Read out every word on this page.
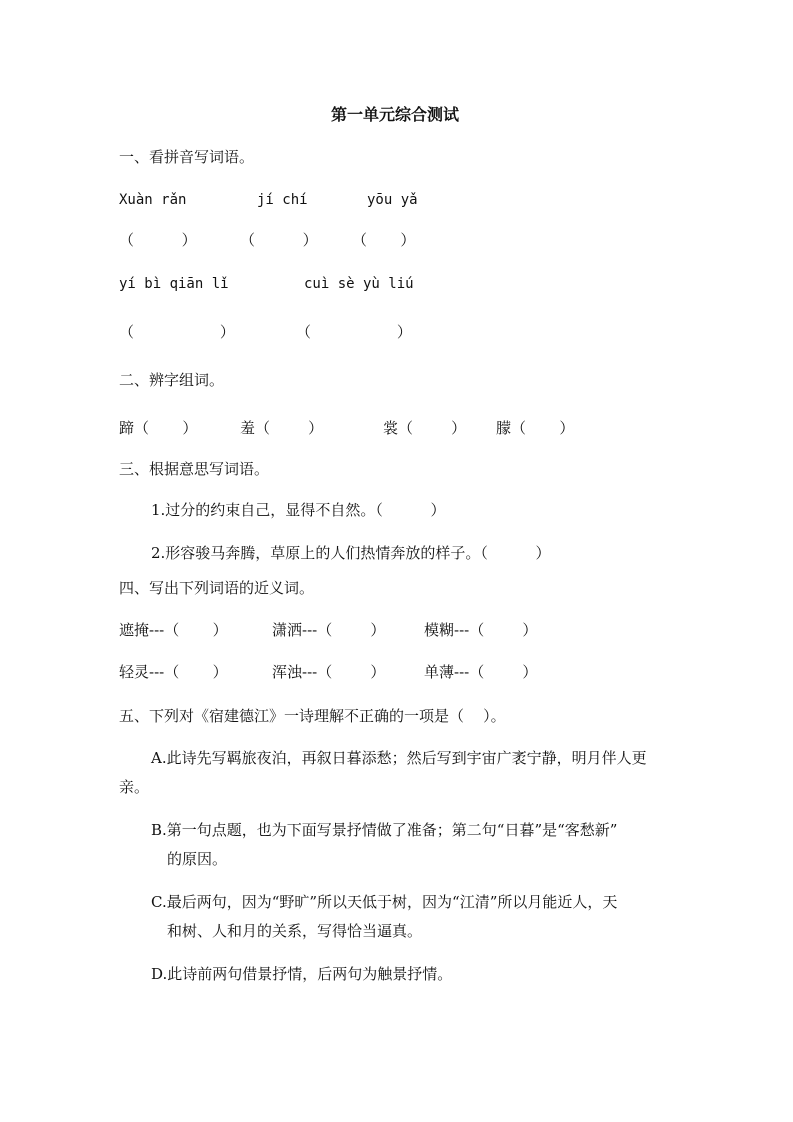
第一单元综合测试
一、看拼音写词语。
Xuàn rǎn	jí chí	yōu yǎ
（          ）	（          ） （       ）
yí bì qiān lǐ	cuì sè yù liú
（                  ）	（                  ）
二、辨字组词。
蹄（       ）	羞（        ）	裳（        ） 朦（       ）
三、根据意思写词语。
1.过分的约束自己，显得不自然。（          ）
2.形容骏马奔腾，草原上的人们热情奔放的样子。（          ）
四、写出下列词语的近义词。
遮掩---（       ）	潇洒---（        ）	模糊---（        ）
轻灵---（       ）	浑浊---（        ）	单薄---（        ）
五、下列对《宿建德江》一诗理解不正确的一项是（    ）。
A.此诗先写羁旅夜泊，再叙日暮添愁；然后写到宇宙广袤宁静，明月伴人更
亲。
B.第一句点题，也为下面写景抒情做了准备；第二句“日暮”是“客愁新”
的原因。
C.最后两句，因为“野旷”所以天低于树，因为“江清”所以月能近人，天
和树、人和月的关系，写得恰当逼真。
D.此诗前两句借景抒情，后两句为触景抒情。
